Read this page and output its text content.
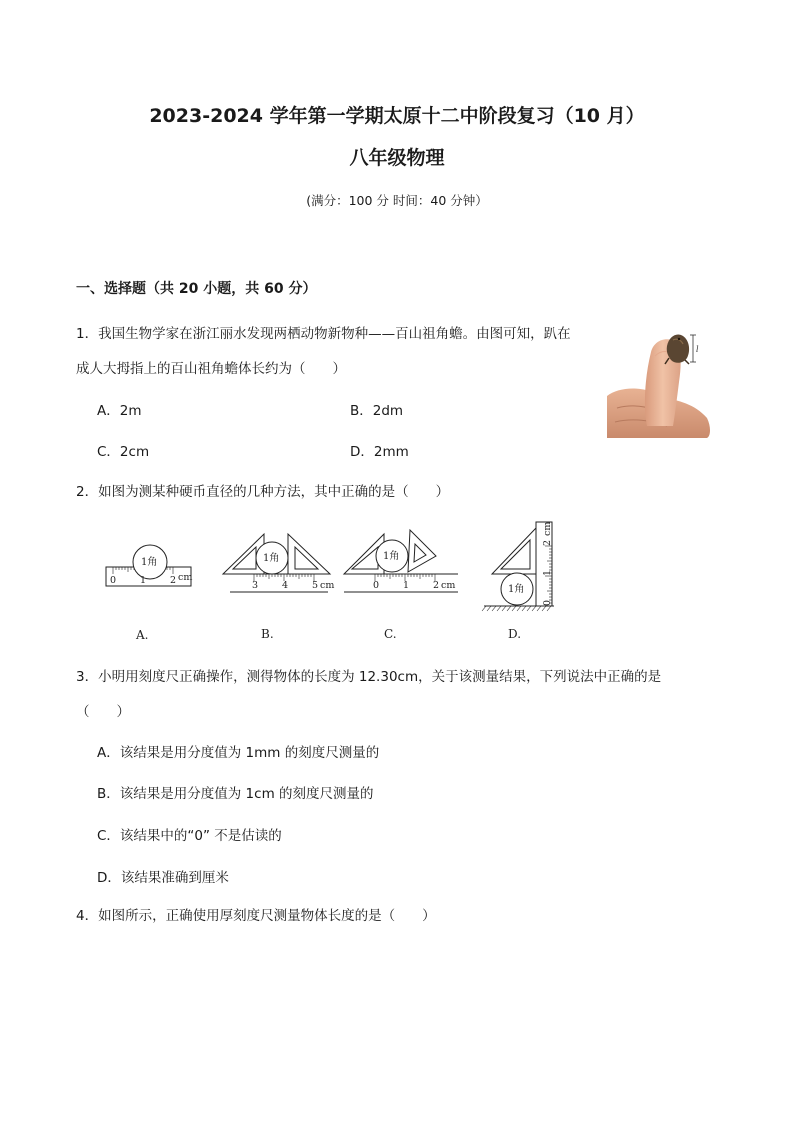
2023-2024 学年第一学期太原十二中阶段复习（10 月）
八年级物理
(满分：100 分 时间：40 分钟）
一、选择题（共 20 小题，共 60 分）
1．我国生物学家在浙江丽水发现两栖动物新物种——百山祖角蟾。由图可知，趴在
成人大拇指上的百山祖角蟾体长约为（　　）
A．2m	B．2dm
C．2cm	D．2mm
l
2．如图为测某种硬币直径的几种方法，其中正确的是（　　）
1角	1角	1角
1角
0	1	2 cm
3	4	5 cm	0	1	2 cm
0
1
2
cm
A.	B.	C.	D.
3．小明用刻度尺正确操作，测得物体的长度为 12.30cm，关于该测量结果，下列说法中正确的是
（　　）
A．该结果是用分度值为 1mm 的刻度尺测量的
B．该结果是用分度值为 1cm 的刻度尺测量的
C．该结果中的“0” 不是估读的
D．该结果准确到厘米
4．如图所示，正确使用厚刻度尺测量物体长度的是（　　）
